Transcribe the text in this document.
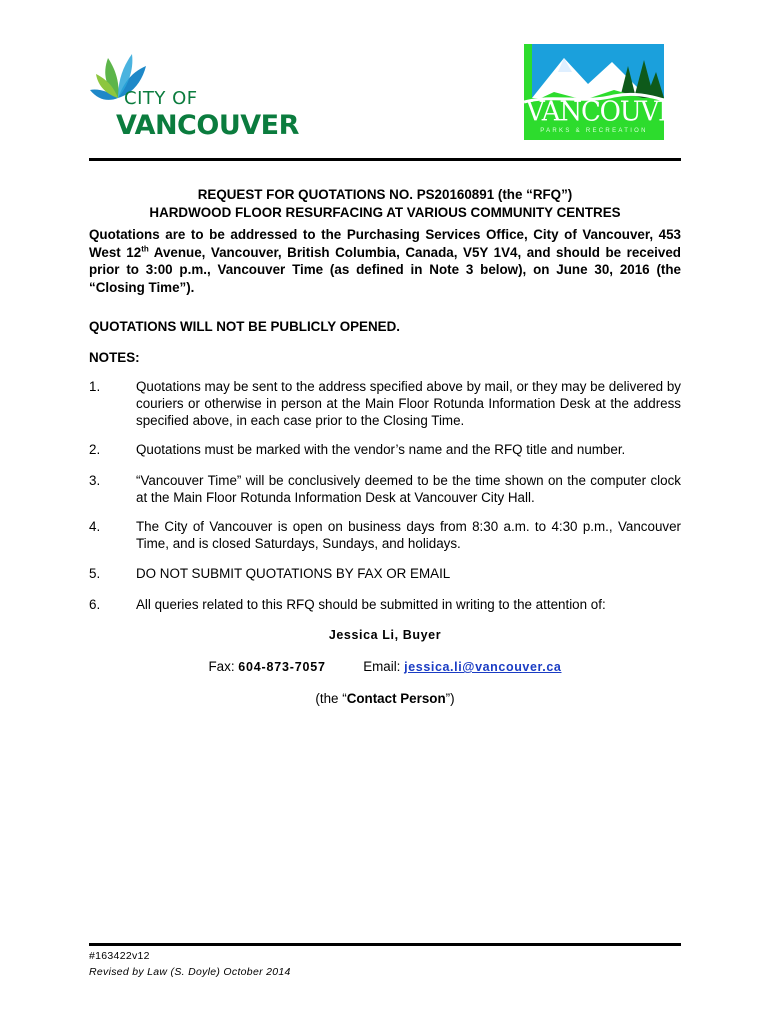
CITY OF
VANCOUVER	VANCOUVER
PARKS & RECREATION
REQUEST FOR QUOTATIONS NO. PS20160891 (the “RFQ”)
HARDWOOD FLOOR RESURFACING AT VARIOUS COMMUNITY CENTRES
Quotations are to be addressed to the Purchasing Services Office, City of Vancouver, 453 West 12th Avenue, Vancouver, British Columbia, Canada, V5Y 1V4, and should be received prior to 3:00 p.m., Vancouver Time (as defined in Note 3 below), on June 30, 2016 (the “Closing Time”).
QUOTATIONS WILL NOT BE PUBLICLY OPENED.
NOTES:
1.	Quotations may be sent to the address specified above by mail, or they may be delivered by couriers or otherwise in person at the Main Floor Rotunda Information Desk at the address specified above, in each case prior to the Closing Time.
2.	Quotations must be marked with the vendor’s name and the RFQ title and number.
3.	“Vancouver Time” will be conclusively deemed to be the time shown on the computer clock at the Main Floor Rotunda Information Desk at Vancouver City Hall.
4.	The City of Vancouver is open on business days from 8:30 a.m. to 4:30 p.m., Vancouver Time, and is closed Saturdays, Sundays, and holidays.
5.	DO NOT SUBMIT QUOTATIONS BY FAX OR EMAIL
6.	All queries related to this RFQ should be submitted in writing to the attention of:
Jessica Li, Buyer
Fax: 604-873-7057	Email: jessica.li@vancouver.ca
(the “Contact Person”)
#163422v12
Revised by Law (S. Doyle) October 2014
